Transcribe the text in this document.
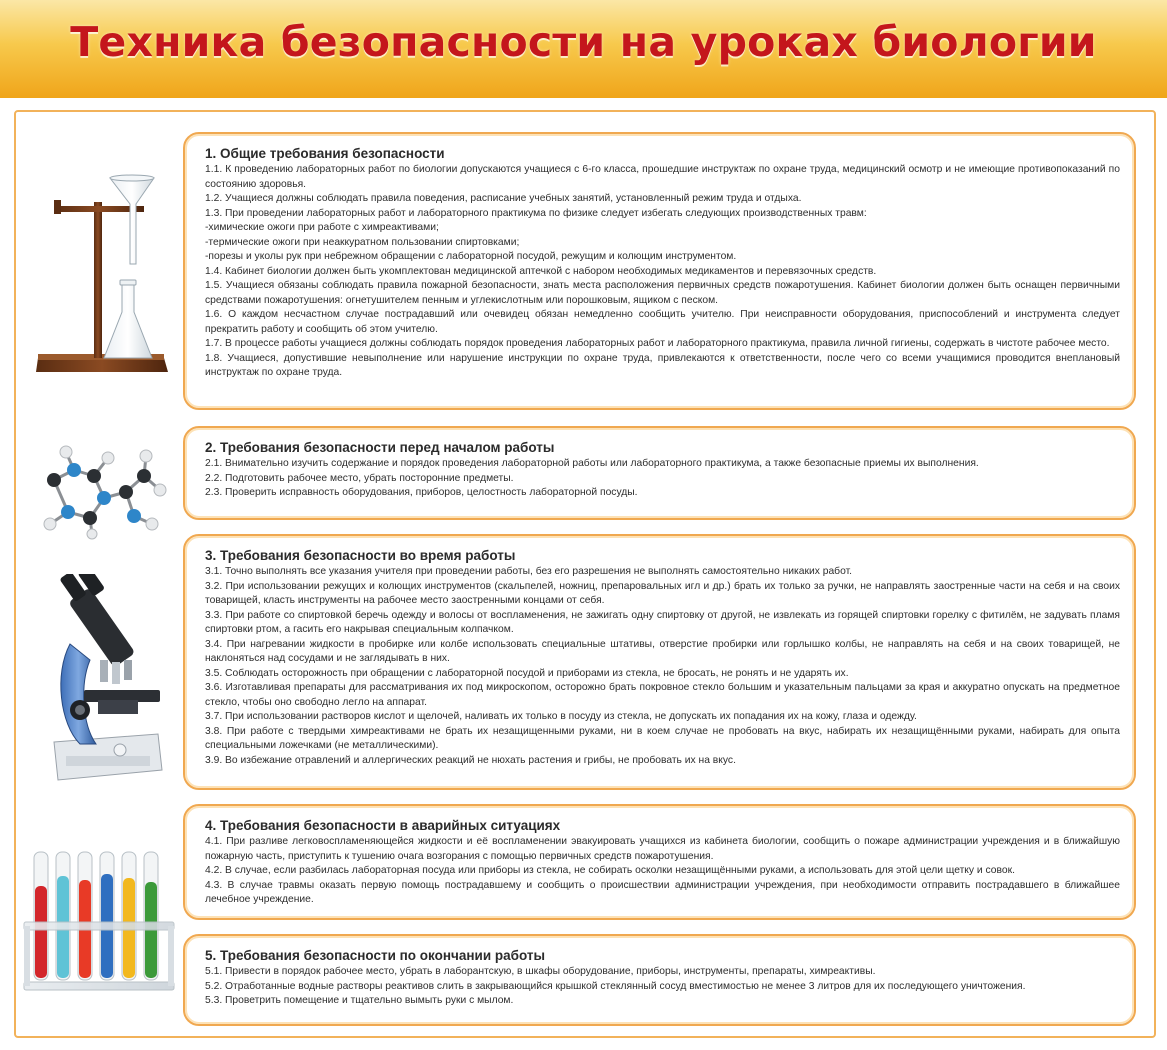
Техника безопасности на уроках биологии
1. Общие требования безопасности

1.1. К проведению лабораторных работ по биологии допускаются учащиеся с 6-го класса, прошедшие инструктаж по охране труда, медицинский осмотр и не имеющие противопоказаний по состоянию здоровья.

1.2. Учащиеся должны соблюдать правила поведения, расписание учебных занятий, установленный режим труда и отдыха.

1.3. При проведении лабораторных работ и лабораторного практикума по физике следует избегать следующих производственных травм:

-химические ожоги при работе с химреактивами;

-термические ожоги при неаккуратном пользовании спиртовками;

-порезы и уколы рук при небрежном обращении с лабораторной посудой, режущим и колющим инструментом.

1.4. Кабинет биологии должен быть укомплектован медицинской аптечкой с набором необходимых медикаментов и перевязочных средств.

1.5. Учащиеся обязаны соблюдать правила пожарной безопасности, знать места расположения первичных средств пожаротушения. Кабинет биологии должен быть оснащен первичными средствами пожаротушения: огнетушителем пенным и углекислотным или порошковым, ящиком с песком.

1.6. О каждом несчастном случае пострадавший или очевидец обязан немедленно сообщить учителю. При неисправности оборудования, приспособлений и инструмента следует прекратить работу и сообщить об этом учителю.

1.7. В процессе работы учащиеся должны соблюдать порядок проведения лабораторных работ и лабораторного практикума, правила личной гигиены, содержать в чистоте рабочее место.

1.8. Учащиеся, допустившие невыполнение или нарушение инструкции по охране труда, привлекаются к ответственности, после чего со всеми учащимися проводится внеплановый инструктаж по охране труда.

2. Требования безопасности перед началом работы

2.1. Внимательно изучить содержание и порядок проведения лабораторной работы или лабораторного практикума, а также безопасные приемы их выполнения.

2.2. Подготовить рабочее место, убрать посторонние предметы.

2.3. Проверить исправность оборудования, приборов, целостность лабораторной посуды.

3. Требования безопасности во время работы

3.1. Точно выполнять все указания учителя при проведении работы, без его разрешения не выполнять самостоятельно никаких работ.

3.2. При использовании режущих и колющих инструментов (скальпелей, ножниц, препаровальных игл и др.) брать их только за ручки, не направлять заостренные части на себя и на своих товарищей, класть инструменты на рабочее место заостренными концами от себя.

3.3. При работе со спиртовкой беречь одежду и волосы от воспламенения, не зажигать одну спиртовку от другой, не извлекать из горящей спиртовки горелку с фитилём, не задувать пламя спиртовки ртом, а гасить его накрывая специальным колпачком.

3.4. При нагревании жидкости в пробирке или колбе использовать специальные штативы, отверстие пробирки или горлышко колбы, не направлять на себя и на своих товарищей, не наклоняться над сосудами и не заглядывать в них.

3.5. Соблюдать осторожность при обращении с лабораторной посудой и приборами из стекла, не бросать, не ронять и не ударять их.

3.6. Изготавливая препараты для рассматривания их под микроскопом, осторожно брать покровное стекло большим и указательным пальцами за края и аккуратно опускать на предметное стекло, чтобы оно свободно легло на аппарат.

3.7. При использовании растворов кислот и щелочей, наливать их только в посуду из стекла, не допускать их попадания их на кожу, глаза и одежду.

3.8. При работе с твердыми химреактивами не брать их незащищенными руками, ни в коем случае не пробовать на вкус, набирать их незащищёнными руками, набирать для опыта специальными ложечками (не металлическими).

3.9. Во избежание отравлений и аллергических реакций не нюхать растения и грибы, не пробовать их на вкус.

4. Требования безопасности в аварийных ситуациях

4.1. При разливе легковоспламеняющейся жидкости и её воспламенении эвакуировать учащихся из кабинета биологии, сообщить о пожаре администрации учреждения и в ближайшую пожарную часть, приступить к тушению очага возгорания с помощью первичных средств пожаротушения.

4.2. В случае, если разбилась лабораторная посуда или приборы из стекла, не собирать осколки незащищёнными руками, а использовать для этой цели щетку и совок.

4.3. В случае травмы оказать первую помощь пострадавшему и сообщить о происшествии администрации учреждения, при необходимости отправить пострадавшего в ближайшее лечебное учреждение.

5. Требования безопасности по окончании работы

5.1. Привести в порядок рабочее место, убрать в лаборантскую, в шкафы оборудование, приборы, инструменты, препараты, химреактивы.

5.2. Отработанные водные растворы реактивов слить в закрывающийся крышкой стеклянный сосуд вместимостью не менее 3 литров для их последующего уничтожения.

5.3. Проветрить помещение и тщательно вымыть руки с мылом.
